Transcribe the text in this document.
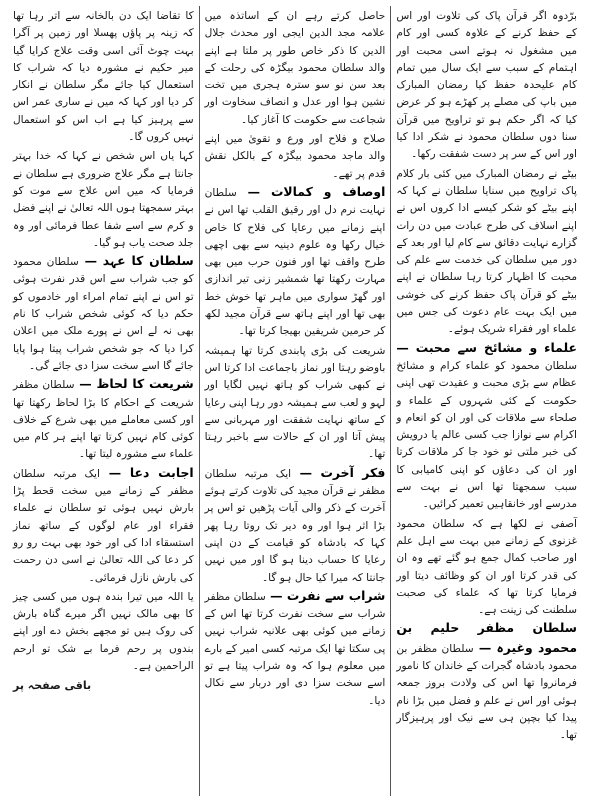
برّدوہ اگر قرآن پاک کی تلاوت اور اس کے حفظ کرنے کے علاوہ کسی اور کام میں مشغول نہ ہوتے اسی محبت اور اہتمام کے سبب سے ایک سال میں تمام کام علیحدہ حفظ کیا رمضان المبارک میں باپ کی مصلے پر کھڑے ہو کر عرض کیا کہ اگر حکم ہو تو تراویح میں قرآن سنا دوں سلطان محمود نے شکر ادا کیا اور اس کے سر پر دست شفقت رکھا۔
بیٹے نے رمضان المبارک میں کئی بار کلام پاک تراویح میں سنایا سلطان نے کہا کہ اپنے بیٹے کو شکر کیسے ادا کروں اس نے اپنے اسلاف کی طرح عبادت میں دن رات گزارے نہایت دقائق سے کام لیا اور بعد کے دور میں سلطان کی خدمت سے علم کی محبت کا اظہار کرتا رہا سلطان نے اپنے بیٹے کو قرآن پاک حفظ کرنے کی خوشی میں ایک بہت عام دعوت کی جس میں علماء اور فقراء شریک ہوئے۔
علماء و مشائخ سے محبت — سلطان محمود کو علماء کرام و مشائخ عظام سے بڑی محبت و عقیدت تھی اپنی حکومت کے کئی شہروں کے علماء و صلحاء سے ملاقات کی اور ان کو انعام و اکرام سے نوازا جب کسی عالم یا درویش کی خبر ملتی تو خود جا کر ملاقات کرتا اور ان کی دعاؤں کو اپنی کامیابی کا سبب سمجھتا تھا اس نے بہت سے مدرسے اور خانقاہیں تعمیر کرائیں۔
آصفی نے لکھا ہے کہ سلطان محمود غزنوی کے زمانے میں بہت سے اہل علم اور صاحب کمال جمع ہو گئے تھے وہ ان کی قدر کرتا اور ان کو وظائف دیتا اور فرمایا کرتا تھا کہ علماء کی صحبت سلطنت کی زینت ہے۔
سلطان مظفر حلیم بن محمود وغیرہ — سلطان مظفر بن محمود بادشاہ گجرات کے خاندان کا نامور فرمانروا تھا اس کی ولادت بروز جمعہ ہوئی اور اس نے علم و فضل میں بڑا نام پیدا کیا بچپن ہی سے نیک اور پرہیزگار تھا۔
حاصل کرتے رہے ان کے اساتذہ میں علامہ مجد الدین ایجی اور محدث جلال الدین کا ذکر خاص طور پر ملتا ہے اپنے والد سلطان محمود بیگڑہ کی رحلت کے بعد سن نو سو سترہ ہجری میں تخت نشین ہوا اور عدل و انصاف سخاوت اور شجاعت سے حکومت کا آغاز کیا۔
صلاح و فلاح اور ورع و تقویٰ میں اپنے والد ماجد محمود بیگڑہ کے بالکل نقش قدم پر تھے۔
اوصاف و کمالات — سلطان نہایت نرم دل اور رقیق القلب تھا اس نے اپنے زمانے میں رعایا کی فلاح کا خاص خیال رکھا وہ علوم دینیہ سے بھی اچھی طرح واقف تھا اور فنون حرب میں بھی مہارت رکھتا تھا شمشیر زنی تیر اندازی اور گھڑ سواری میں ماہر تھا خوش خط بھی تھا اور اپنے ہاتھ سے قرآن مجید لکھ کر حرمین شریفین بھیجا کرتا تھا۔
شریعت کی بڑی پابندی کرتا تھا ہمیشہ باوضو رہتا اور نماز باجماعت ادا کرتا اس نے کبھی شراب کو ہاتھ نہیں لگایا اور لہو و لعب سے ہمیشہ دور رہا اپنی رعایا کے ساتھ نہایت شفقت اور مہربانی سے پیش آتا اور ان کے حالات سے باخبر رہتا تھا۔
فکر آخرت — ایک مرتبہ سلطان مظفر نے قرآن مجید کی تلاوت کرتے ہوئے آخرت کے ذکر والی آیات پڑھیں تو اس پر بڑا اثر ہوا اور وہ دیر تک روتا رہا پھر کہا کہ بادشاہ کو قیامت کے دن اپنی رعایا کا حساب دینا ہو گا اور میں نہیں جانتا کہ میرا کیا حال ہو گا۔
شراب سے نفرت — سلطان مظفر شراب سے سخت نفرت کرتا تھا اس کے زمانے میں کوئی بھی علانیہ شراب نہیں پی سکتا تھا ایک مرتبہ کسی امیر کے بارے میں معلوم ہوا کہ وہ شراب پیتا ہے تو اسے سخت سزا دی اور دربار سے نکال دیا۔
کا تقاضا ایک دن بالخانہ سے اتر رہا تھا کہ زینہ پر پاؤں پھسلا اور زمین پر آگرا بہت چوٹ آئی اسی وقت علاج کرایا گیا میر حکیم نے مشورہ دیا کہ شراب کا استعمال کیا جائے مگر سلطان نے انکار کر دیا اور کہا کہ میں نے ساری عمر اس سے پرہیز کیا ہے اب اس کو استعمال نہیں کروں گا۔
کہا یاں اس شخص نے کہا کہ خدا بہتر جانتا ہے مگر علاج ضروری ہے سلطان نے فرمایا کہ میں اس علاج سے موت کو بہتر سمجھتا ہوں اللہ تعالیٰ نے اپنے فضل و کرم سے اسے شفا عطا فرمائی اور وہ جلد صحت یاب ہو گیا۔
سلطان کا عہد — سلطان محمود کو جب شراب سے اس قدر نفرت ہوئی تو اس نے اپنے تمام امراء اور خادموں کو حکم دیا کہ کوئی شخص شراب کا نام بھی نہ لے اس نے پورے ملک میں اعلان کرا دیا کہ جو شخص شراب پیتا ہوا پایا جائے گا اسے سخت سزا دی جائے گی۔
شریعت کا لحاظ — سلطان مظفر شریعت کے احکام کا بڑا لحاظ رکھتا تھا اور کسی معاملے میں بھی شرع کے خلاف کوئی کام نہیں کرتا تھا اپنے ہر کام میں علماء سے مشورہ لیتا تھا۔
اجابت دعا — ایک مرتبہ سلطان مظفر کے زمانے میں سخت قحط پڑا بارش نہیں ہوئی تو سلطان نے علماء فقراء اور عام لوگوں کے ساتھ نماز استسقاء ادا کی اور خود بھی بہت رو رو کر دعا کی اللہ تعالیٰ نے اسی دن رحمت کی بارش نازل فرمائی۔
یا اللہ میں تیرا بندہ ہوں میں کسی چیز کا بھی مالک نہیں اگر میرے گناہ بارش کی روک ہیں تو مجھے بخش دے اور اپنے بندوں پر رحم فرما بے شک تو ارحم الراحمین ہے۔
باقی صفحہ پر
